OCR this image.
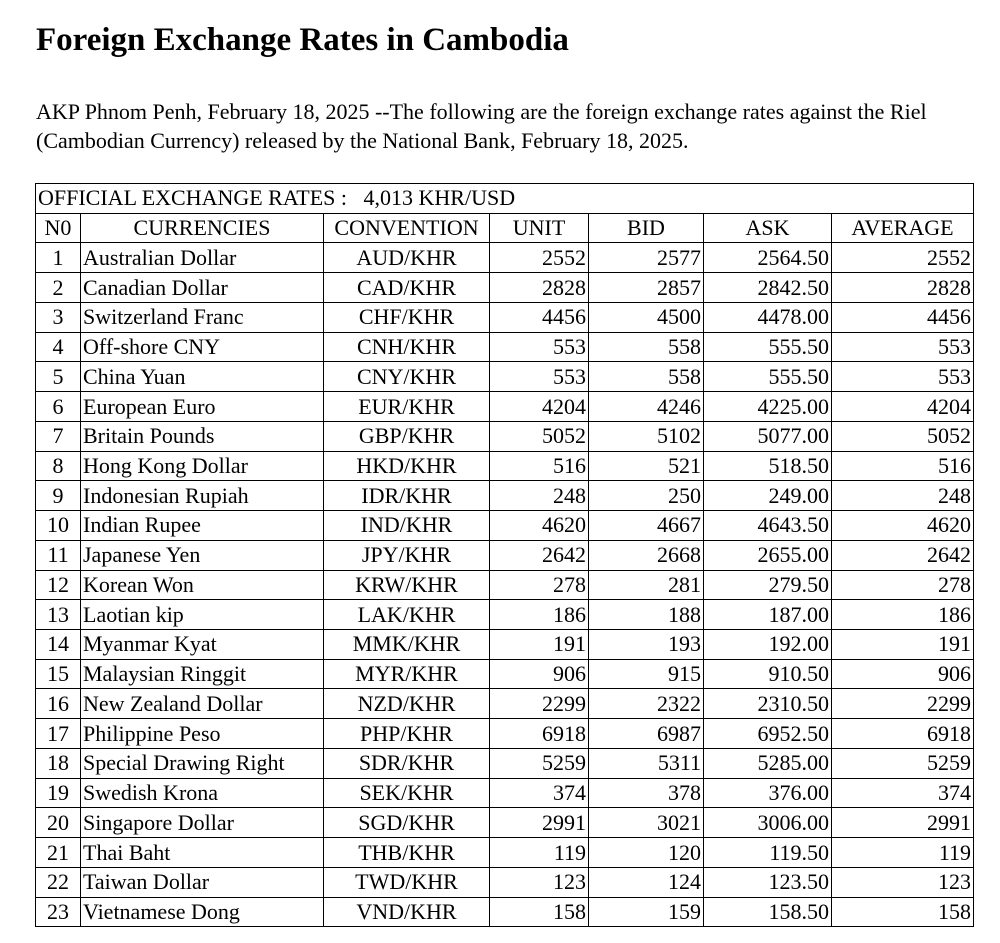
Foreign Exchange Rates in Cambodia

AKP Phnom Penh, February 18, 2025 --The following are the foreign exchange rates against the Riel (Cambodian Currency) released by the National Bank, February 18, 2025.

OFFICIAL EXCHANGE RATES :   4,013 KHR/USD						
N0	CURRENCIES	CONVENTION	UNIT	BID	ASK	AVERAGE
1	Australian Dollar	AUD/KHR	2552	2577	2564.50	2552
2	Canadian Dollar	CAD/KHR	2828	2857	2842.50	2828
3	Switzerland Franc	CHF/KHR	4456	4500	4478.00	4456
4	Off-shore CNY	CNH/KHR	553	558	555.50	553
5	China Yuan	CNY/KHR	553	558	555.50	553
6	European Euro	EUR/KHR	4204	4246	4225.00	4204
7	Britain Pounds	GBP/KHR	5052	5102	5077.00	5052
8	Hong Kong Dollar	HKD/KHR	516	521	518.50	516
9	Indonesian Rupiah	IDR/KHR	248	250	249.00	248
10	Indian Rupee	IND/KHR	4620	4667	4643.50	4620
11	Japanese Yen	JPY/KHR	2642	2668	2655.00	2642
12	Korean Won	KRW/KHR	278	281	279.50	278
13	Laotian kip	LAK/KHR	186	188	187.00	186
14	Myanmar Kyat	MMK/KHR	191	193	192.00	191
15	Malaysian Ringgit	MYR/KHR	906	915	910.50	906
16	New Zealand Dollar	NZD/KHR	2299	2322	2310.50	2299
17	Philippine Peso	PHP/KHR	6918	6987	6952.50	6918
18	Special Drawing Right	SDR/KHR	5259	5311	5285.00	5259
19	Swedish Krona	SEK/KHR	374	378	376.00	374
20	Singapore Dollar	SGD/KHR	2991	3021	3006.00	2991
21	Thai Baht	THB/KHR	119	120	119.50	119
22	Taiwan Dollar	TWD/KHR	123	124	123.50	123
23	Vietnamese Dong	VND/KHR	158	159	158.50	158
